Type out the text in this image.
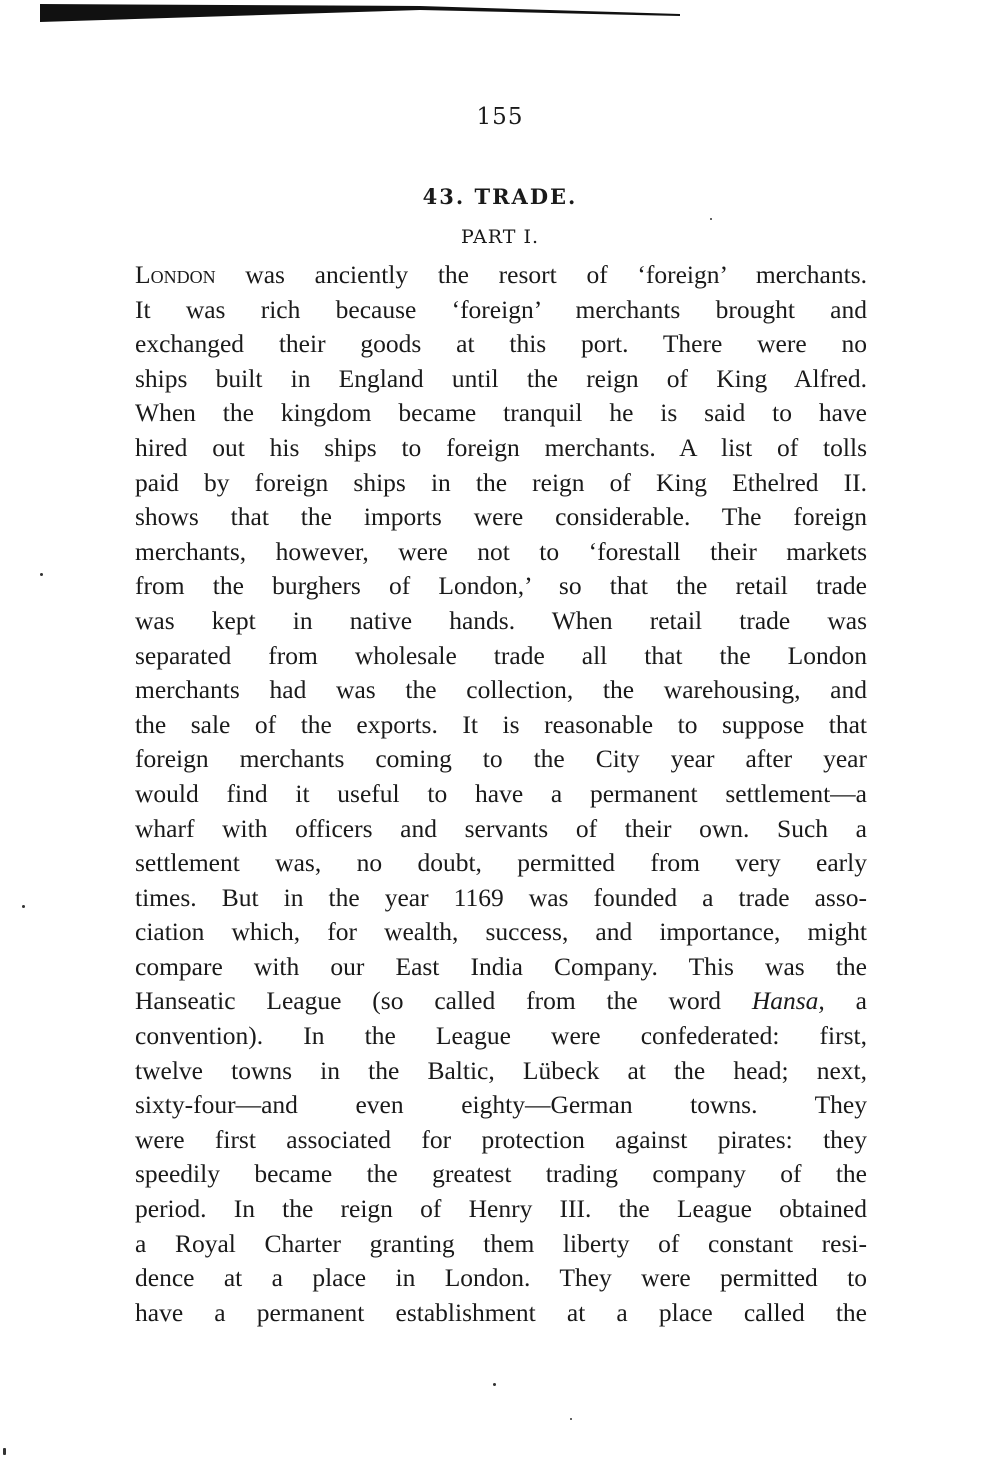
155
43. TRADE.
PART I.
London was anciently the resort of ‘foreign’ merchants.
It was rich because ‘foreign’ merchants brought and
exchanged their goods at this port. There were no
ships built in England until the reign of King Alfred.
When the kingdom became tranquil he is said to have
hired out his ships to foreign merchants. A list of tolls
paid by foreign ships in the reign of King Ethelred II.
shows that the imports were considerable. The foreign
merchants, however, were not to ‘forestall their markets
from the burghers of London,’ so that the retail trade
was kept in native hands. When retail trade was
separated from wholesale trade all that the London
merchants had was the collection, the warehousing, and
the sale of the exports. It is reasonable to suppose that
foreign merchants coming to the City year after year
would find it useful to have a permanent settlement—a
wharf with officers and servants of their own. Such a
settlement was, no doubt, permitted from very early
times. But in the year 1169 was founded a trade asso-
ciation which, for wealth, success, and importance, might
compare with our East India Company. This was the
Hanseatic League (so called from the word Hansa, a
convention). In the League were confederated: first,
twelve towns in the Baltic, Lübeck at the head; next,
sixty-four—and even eighty—German towns. They
were first associated for protection against pirates: they
speedily became the greatest trading company of the
period. In the reign of Henry III. the League obtained
a Royal Charter granting them liberty of constant resi-
dence at a place in London. They were permitted to
have a permanent establishment at a place called the
